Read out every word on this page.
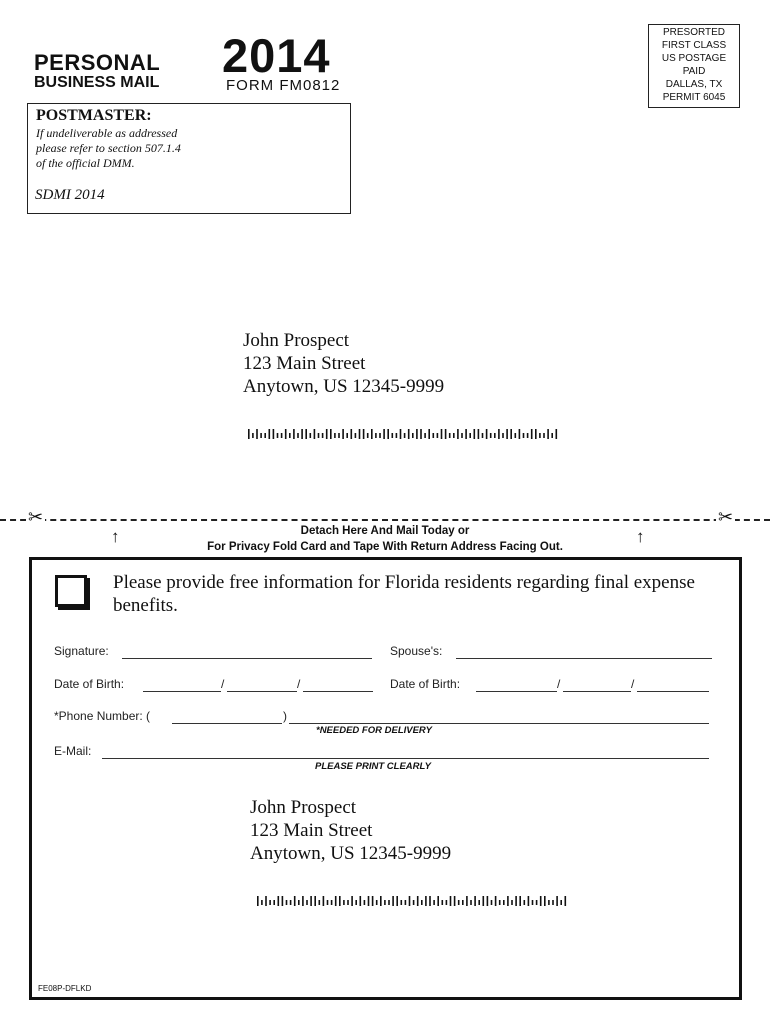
PERSONAL
BUSINESS MAIL
2014
FORM FM0812
PRESORTED
FIRST CLASS
US POSTAGE
PAID
DALLAS, TX
PERMIT 6045
POSTMASTER:
If undeliverable as addressed
please refer to section 507.1.4
of the official DMM.
SDMI 2014
John Prospect
123 Main Street
Anytown, US 12345-9999
✂	✂
↑	↑
Detach Here And Mail Today or
For Privacy Fold Card and Tape With Return Address Facing Out.
Please provide free information for Florida residents regarding final expense benefits.
Signature:	Spouse's:
Date of Birth:	/	/	Date of Birth:	/	/
*Phone Number: (	)
*NEEDED FOR DELIVERY
E-Mail:
PLEASE PRINT CLEARLY
John Prospect
123 Main Street
Anytown, US 12345-9999
FE08P-DFLKD
